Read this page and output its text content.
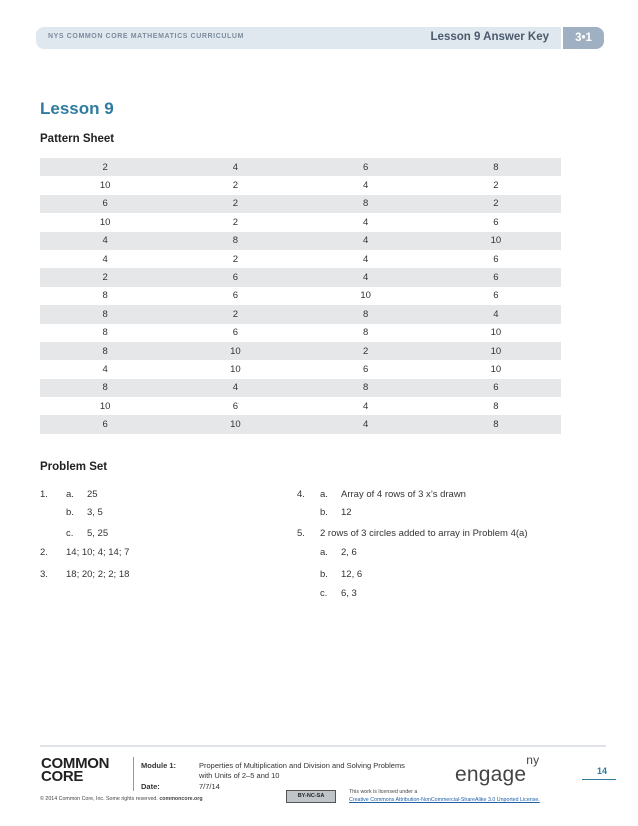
NYS COMMON CORE MATHEMATICS CURRICULUM	Lesson 9 Answer Key	3•1
Lesson 9
Pattern Sheet
2	4	6	8
10	2	4	2
6	2	8	2
10	2	4	6
4	8	4	10
4	2	4	6
2	6	4	6
8	6	10	6
8	2	8	4
8	6	8	10
8	10	2	10
4	10	6	10
8	4	8	6
10	6	4	8
6	10	4	8
Problem Set
1. a. 25
b. 3, 5
c. 5, 25
2. 14; 10; 4; 14; 7
3. 18; 20; 2; 2; 18
4. a. Array of 4 rows of 3 x’s drawn
b. 12
5. 2 rows of 3 circles added to array in Problem 4(a)
a. 2, 6
b. 12, 6
c. 6, 3
COMMON
CORE
Module 1:	Properties of Multiplication and Division and Solving Problems
with Units of 2–5 and 10
Date:	7/7/14
engage$^{ny}$
14
© 2014 Common Core, Inc. Some rights reserved. commoncore.org	BY-NC-SA
This work is licensed under a
Creative Commons Attribution-NonCommercial-ShareAlike 3.0 Unported License.
